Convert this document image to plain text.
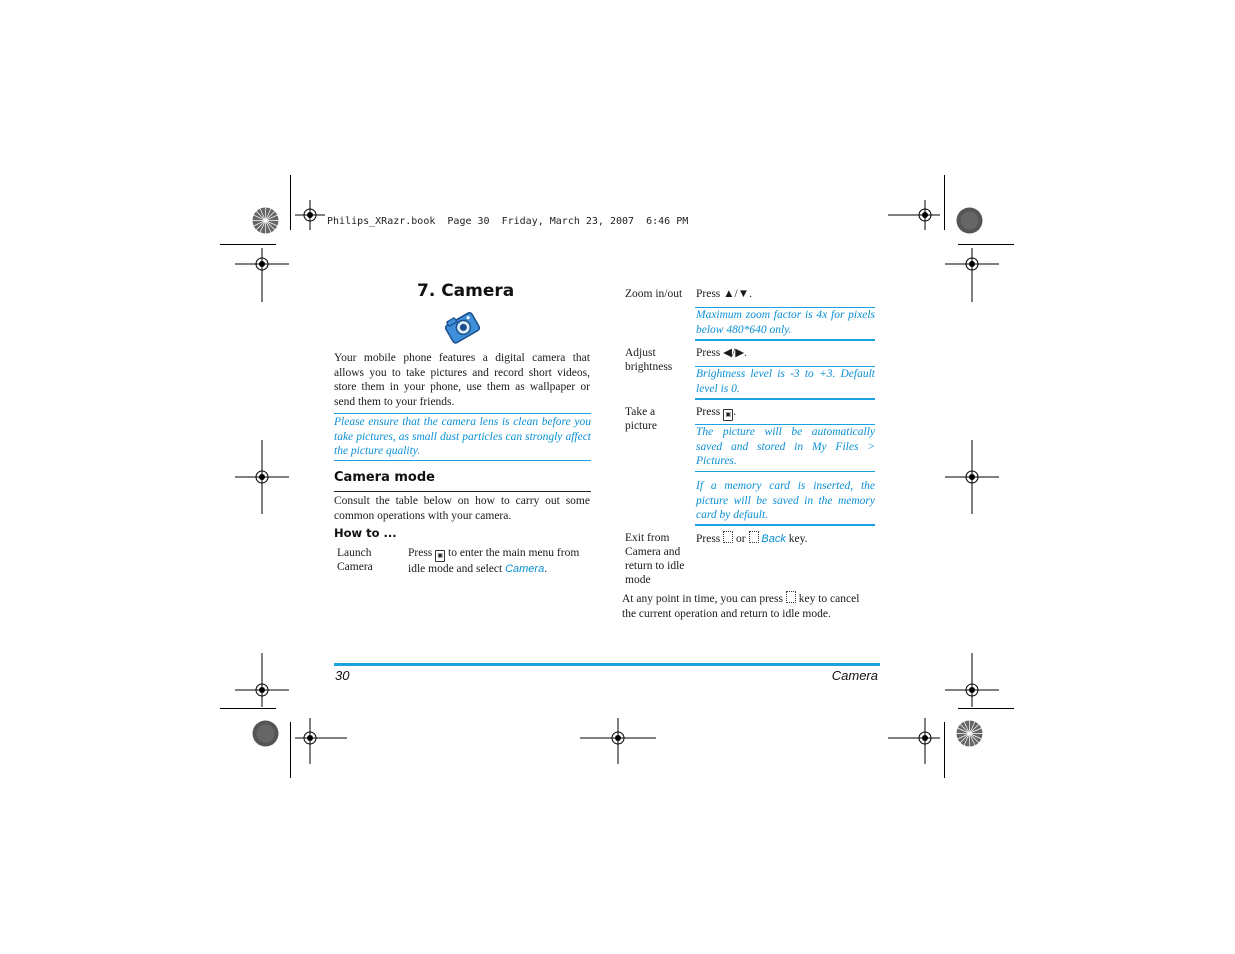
Philips_XRazr.book  Page 30  Friday, March 23, 2007  6:46 PM
7. Camera
Your mobile phone features a digital camera that allows you to take pictures and record short videos, store them in your phone, use them as wallpaper or send them to your friends.
Please ensure that the camera lens is clean before you take pictures, as small dust particles can strongly affect the picture quality.
Camera mode
Consult the table below on how to carry out some common operations with your camera.
How to ...
Launch Camera
Press ▣ to enter the main menu from idle mode and select Camera.
Zoom in/out	Press ▲/▼.
Maximum zoom factor is 4x for pixels below 480*640 only.
Adjust brightness
Press ◀/▶.
Brightness level is -3 to +3. Default level is 0.
Take a picture
Press ▣ .
The picture will be automatically saved and stored in My Files > Pictures.
If a memory card is inserted, the picture will be saved in the memory card by default.
Exit from Camera and return to idle mode
Press or Back key.
At any point in time, you can press key to cancel the current operation and return to idle mode.
30	Camera
